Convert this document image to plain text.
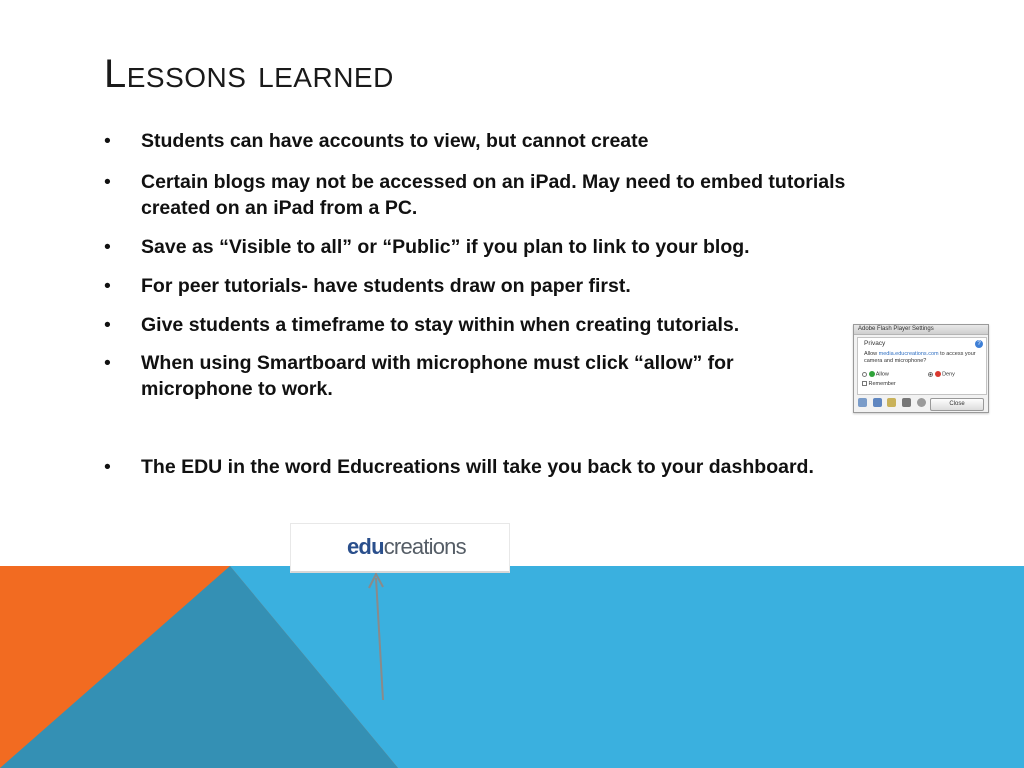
Lessons learned
• Students can have accounts to view, but cannot create
• Certain blogs may not be accessed on an iPad. May need to embed tutorials created on an iPad from a PC.
• Save as “Visible to all” or “Public” if you plan to link to your blog.
• For peer tutorials- have students draw on paper first.
• Give students a timeframe to stay within when creating tutorials.
• When using Smartboard with microphone must click “allow” for microphone to work.
• The EDU in the word Educreations will take you back to your dashboard.
Adobe Flash Player Settings
Privacy	?
Allow media.educreations.com to access your camera and microphone?
Allow	Deny
Remember

Close
educreations
